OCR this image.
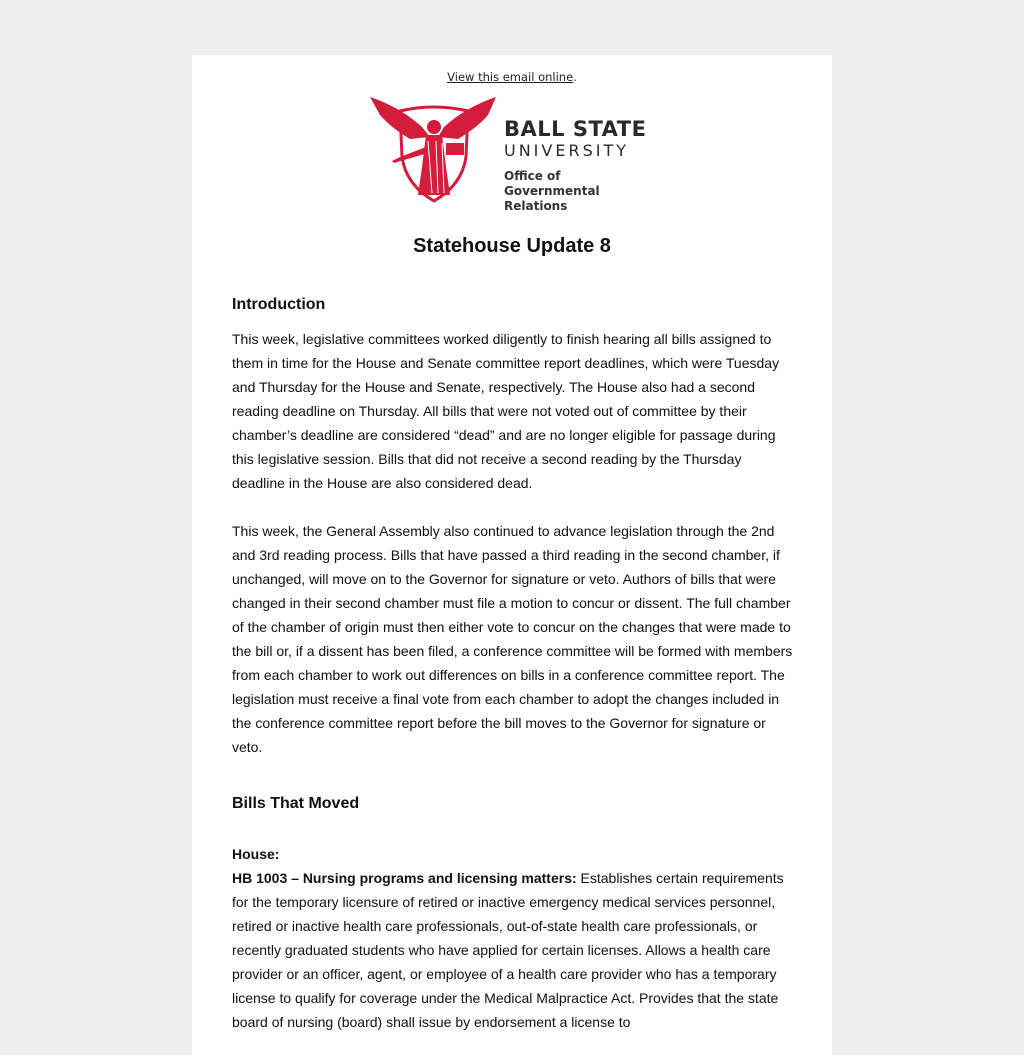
View this email online.
BALL STATE
UNIVERSITY
Office of
Governmental Relations
Statehouse Update 8
Introduction

This week, legislative committees worked diligently to finish hearing all bills assigned to them in time for the House and Senate committee report deadlines, which were Tuesday and Thursday for the House and Senate, respectively. The House also had a second reading deadline on Thursday. All bills that were not voted out of committee by their chamber’s deadline are considered “dead” and are no longer eligible for passage during this legislative session. Bills that did not receive a second reading by the Thursday deadline in the House are also considered dead.

This week, the General Assembly also continued to advance legislation through the 2nd and 3rd reading process. Bills that have passed a third reading in the second chamber, if unchanged, will move on to the Governor for signature or veto. Authors of bills that were changed in their second chamber must file a motion to concur or dissent. The full chamber of the chamber of origin must then either vote to concur on the changes that were made to the bill or, if a dissent has been filed, a conference committee will be formed with members from each chamber to work out differences on bills in a conference committee report. The legislation must receive a final vote from each chamber to adopt the changes included in the conference committee report before the bill moves to the Governor for signature or veto.

Bills That Moved
House:
HB 1003 – Nursing programs and licensing matters: Establishes certain requirements for the temporary licensure of retired or inactive emergency medical services personnel, retired or inactive health care professionals, out-of-state health care professionals, or recently graduated students who have applied for certain licenses. Allows a health care provider or an officer, agent, or employee of a health care provider who has a temporary license to qualify for coverage under the Medical Malpractice Act. Provides that the state board of nursing (board) shall issue by endorsement a license to
